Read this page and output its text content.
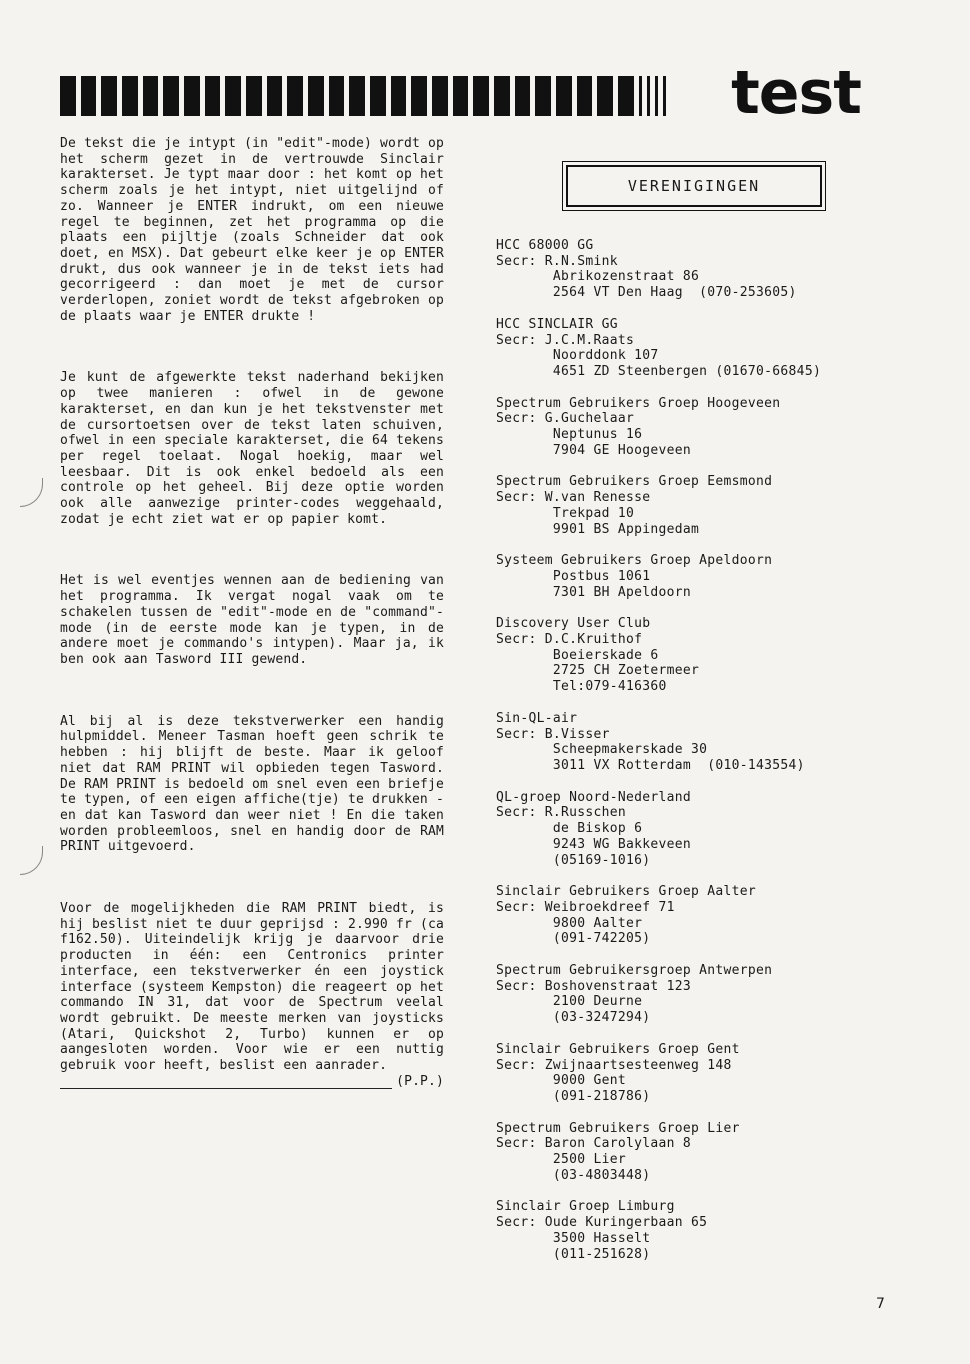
test

De tekst die je intypt (in "edit"-mode) wordt op het scherm gezet in de vertrouwde Sinclair karakterset. Je typt maar door : het komt op het scherm zoals je het intypt, niet uitgelijnd of zo. Wanneer je ENTER indrukt, om een nieuwe regel te beginnen, zet het programma op die plaats een pijltje (zoals Schneider dat ook doet, en MSX). Dat gebeurt elke keer je op ENTER drukt, dus ook wanneer je in de tekst iets had gecorrigeerd : dan moet je met de cursor verderlopen, zoniet wordt de tekst afgebroken op de plaats waar je ENTER drukte !

Je kunt de afgewerkte tekst naderhand bekijken op twee manieren : ofwel in de gewone karakterset, en dan kun je het tekstvenster met de cursortoetsen over de tekst laten schuiven, ofwel in een speciale karakterset, die 64 tekens per regel toelaat. Nogal hoekig, maar wel leesbaar. Dit is ook enkel bedoeld als een controle op het geheel. Bij deze optie worden ook alle aanwezige printer-codes weggehaald, zodat je echt ziet wat er op papier komt.

Het is wel eventjes wennen aan de bediening van het programma. Ik vergat nogal vaak om te schakelen tussen de "edit"-mode en de "command"-mode (in de eerste mode kan je typen, in de andere moet je commando's intypen). Maar ja, ik ben ook aan Tasword III gewend.

Al bij al is deze tekstverwerker een handig hulpmiddel. Meneer Tasman hoeft geen schrik te hebben : hij blijft de beste. Maar ik geloof niet dat RAM PRINT wil opbieden tegen Tasword. De RAM PRINT is bedoeld om snel even een briefje te typen, of een eigen affiche(tje) te drukken - en dat kan Tasword dan weer niet ! En die taken worden probleemloos, snel en handig door de RAM PRINT uitgevoerd.

Voor de mogelijkheden die RAM PRINT biedt, is hij beslist niet te duur geprijsd : 2.990 fr (ca f162.50). Uiteindelijk krijg je daarvoor drie producten in één: een Centronics printer interface, een tekstverwerker én een joystick interface (systeem Kempston) die reageert op het commando IN 31, dat voor de Spectrum veelal wordt gebruikt. De meeste merken van joysticks (Atari, Quickshot 2, Turbo) kunnen er op aangesloten worden. Voor wie er een nuttig gebruik voor heeft, beslist een aanrader.

(P.P.)
VERENIGINGEN
HCC 68000 GG
Secr: R.N.Smink
Abrikozenstraat 86
2564 VT Den Haag  (070-253605)
HCC SINCLAIR GG
Secr: J.C.M.Raats
Noorddonk 107
4651 ZD Steenbergen (01670-66845)
Spectrum Gebruikers Groep Hoogeveen
Secr: G.Guchelaar
Neptunus 16
7904 GE Hoogeveen
Spectrum Gebruikers Groep Eemsmond
Secr: W.van Renesse
Trekpad 10
9901 BS Appingedam
Systeem Gebruikers Groep Apeldoorn
Postbus 1061
7301 BH Apeldoorn
Discovery User Club
Secr: D.C.Kruithof
Boeierskade 6
2725 CH Zoetermeer
Tel:079-416360
Sin-QL-air
Secr: B.Visser
Scheepmakerskade 30
3011 VX Rotterdam  (010-143554)
QL-groep Noord-Nederland
Secr: R.Russchen
de Biskop 6
9243 WG Bakkeveen
(05169-1016)
Sinclair Gebruikers Groep Aalter
Secr: Weibroekdreef 71
9800 Aalter
(091-742205)
Spectrum Gebruikersgroep Antwerpen
Secr: Boshovenstraat 123
2100 Deurne
(03-3247294)
Sinclair Gebruikers Groep Gent
Secr: Zwijnaartsesteenweg 148
9000 Gent
(091-218786)
Spectrum Gebruikers Groep Lier
Secr: Baron Carolylaan 8
2500 Lier
(03-4803448)
Sinclair Groep Limburg
Secr: Oude Kuringerbaan 65
3500 Hasselt
(011-251628)
7
